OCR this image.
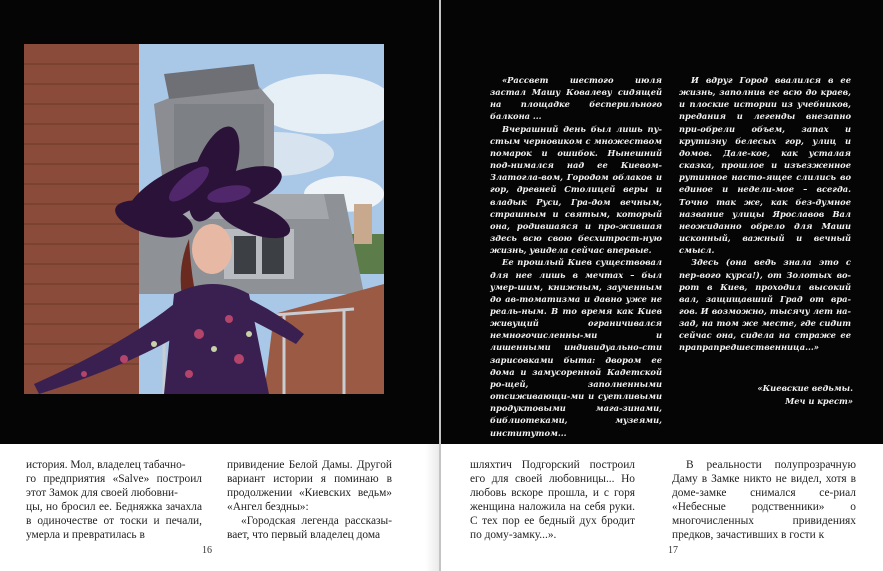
история. Мол, владелец табачно-

го предприятия «Salve» построил этот Замок для своей любовни-

цы, но бросил ее. Бедняжка зачахла в одиночестве от тоски и печали, умерла и превратилась в

привидение Белой Дамы. Другой вариант истории я поминаю в продолжении «Киевских ведьм» «Ангел бездны»:

«Городская легенда рассказы-вает, что первый владелец дома

16

«Рассвет шестого июля застал Машу Ковалеву сидящей на площадке бесперильного балкона ...

Вчерашний день был лишь пу-стым черновиком с множеством помарок и ошибок. Нынешний под-нимался над ее Киевом-Златогла-вом, Городом облаков и гор, древней Столицей веры и владык Руси, Гра-дом вечным, страшным и святым, который она, родившаяся и про-жившая здесь всю свою бесхитрост-ную жизнь, увидела сейчас впервые.

Ее прошлый Киев существовал для нее лишь в мечтах – был умер-шим, книжным, заученным до ав-томатизма и давно уже не реаль-ным. В то время как Киев живущий ограничивался немногочисленны-ми и лишенными индивидуально-сти зарисовками быта: двором ее дома и замусоренной Кадетской ро-щей, заполненными отсиживающи-ми и суетливыми продуктовыми мага-зинами, библиотеками, музеями, институтом...

И вдруг Город ввалился в ее жизнь, заполнив ее всю до краев, и плоские истории из учебников, предания и легенды внезапно при-обрели объем, запах и крутизну белесых гор, улиц и домов. Дале-кое, как усталая сказка, прошлое и изъезженное рутинное насто-ящее слились во единое и недели-мое – всегда. Точно так же, как без-думное название улицы Ярославов Вал неожиданно обрело для Маши исконный, важный и вечный смысл.

Здесь (она ведь знала это с пер-вого курса!), от Золотых во-рот в Киев, проходил высокий вал, защищавший Град от вра-гов. И возможно, тысячу лет на-зад, на том же месте, где сидит сейчас она, сидела на страже ее прапрапредшественница...»

«Киевские ведьмы.
Меч и крест»

шляхтич Подгорский построил его для своей любовницы... Но любовь вскоре прошла, и с горя женщина наложила на себя руки. С тех пор ее бедный дух бродит по дому-замку...».

В реальности полупрозрачную Даму в Замке никто не видел, хотя в доме-замке снимался се-риал «Небесные родственники» о многочисленных привидениях предков, зачастивших в гости к

17
